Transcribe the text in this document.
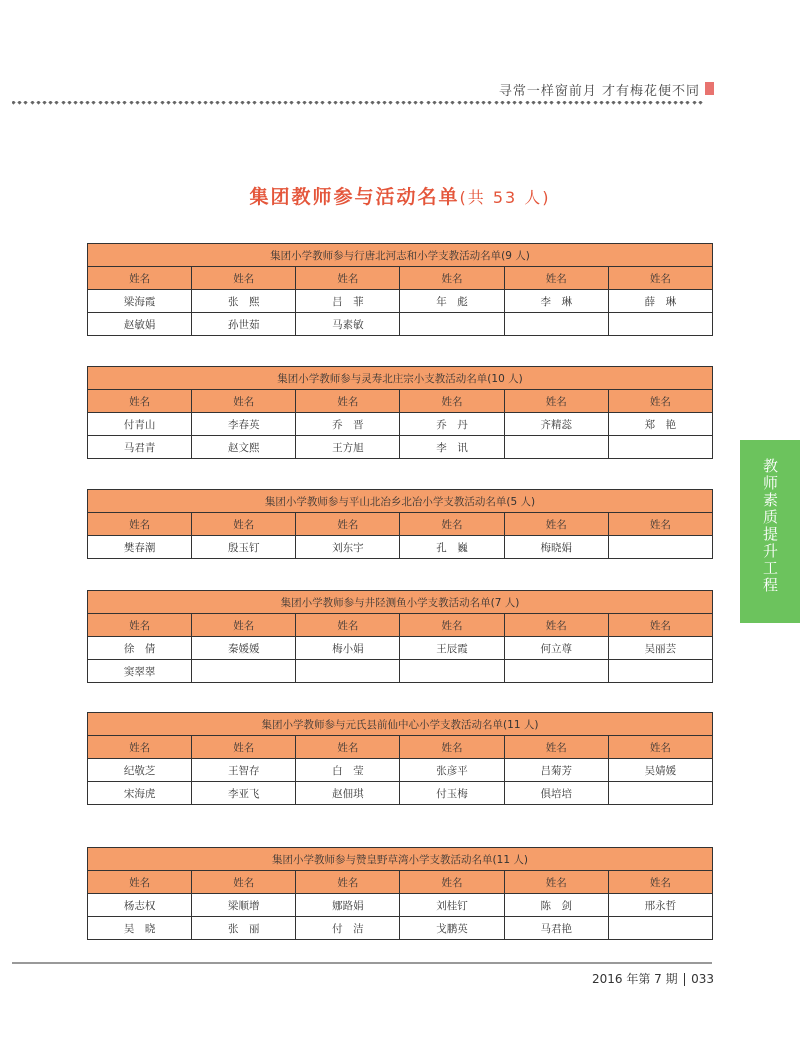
寻常一样窗前月 才有梅花便不同
集团教师参与活动名单(共 53 人)
教师素质提升工程
集团小学教师参与行唐北河志和小学支教活动名单(9 人)					
姓名	姓名	姓名	姓名	姓名	姓名
梁海霞	张　熙	吕　菲	年　彪	李　琳	薛　琳
赵敏娟	孙世茹	马素敏			
集团小学教师参与灵寿北庄宗小支教活动名单(10 人)					
姓名	姓名	姓名	姓名	姓名	姓名
付青山	李春英	乔　晋	乔　丹	齐精蕊	郑　艳
马君青	赵文熙	王方旭	李　讯		
集团小学教师参与平山北冶乡北冶小学支教活动名单(5 人)					
姓名	姓名	姓名	姓名	姓名	姓名
樊春潮	殷玉钉	刘东宇	孔　巍	梅晓娟	
集团小学教师参与井陉测鱼小学支教活动名单(7 人)					
姓名	姓名	姓名	姓名	姓名	姓名
徐　倩	秦媛媛	梅小娟	王辰霞	何立尊	吴丽芸
窦翠翠					
集团小学教师参与元氏县前仙中心小学支教活动名单(11 人)					
姓名	姓名	姓名	姓名	姓名	姓名
纪敬芝	王智存	白　莹	张彦平	吕菊芳	吴婧媛
宋海虎	李亚飞	赵佃琪	付玉梅	俱培培	
集团小学教师参与赞皇野草湾小学支教活动名单(11 人)					
姓名	姓名	姓名	姓名	姓名	姓名
杨志权	梁顺增	娜路娟	刘桂钉	陈　剑	邢永哲
吴　晓	张　丽	付　洁	戈鹏英	马君艳	
2016 年第 7 期 033
